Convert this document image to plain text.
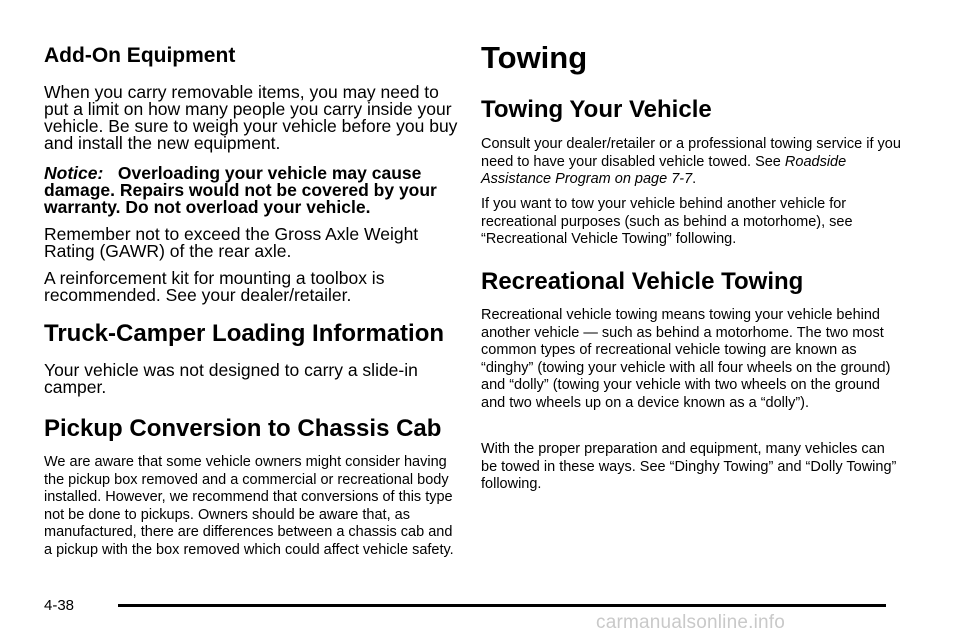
Add-On Equipment

When you carry removable items, you may need to put a limit on how many people you carry inside your vehicle. Be sure to weigh your vehicle before you buy and install the new equipment.

Notice: Overloading your vehicle may cause damage. Repairs would not be covered by your warranty. Do not overload your vehicle.

Remember not to exceed the Gross Axle Weight Rating (GAWR) of the rear axle.

A reinforcement kit for mounting a toolbox is recommended. See your dealer/retailer.

Truck-Camper Loading Information

Your vehicle was not designed to carry a slide-in camper.

Pickup Conversion to Chassis Cab

We are aware that some vehicle owners might consider having the pickup box removed and a commercial or recreational body installed. However, we recommend that conversions of this type not be done to pickups. Owners should be aware that, as manufactured, there are differences between a chassis cab and a pickup with the box removed which could affect vehicle safety.

Towing
Towing Your Vehicle

Consult your dealer/retailer or a professional towing service if you need to have your disabled vehicle towed. See Roadside Assistance Program on page 7-7.

If you want to tow your vehicle behind another vehicle for recreational purposes (such as behind a motorhome), see “Recreational Vehicle Towing” following.

Recreational Vehicle Towing

Recreational vehicle towing means towing your vehicle behind another vehicle — such as behind a motorhome. The two most common types of recreational vehicle towing are known as “dinghy” (towing your vehicle with all four wheels on the ground) and “dolly” (towing your vehicle with two wheels on the ground and two wheels up on a device known as a “dolly”).

With the proper preparation and equipment, many vehicles can be towed in these ways. See “Dinghy Towing” and “Dolly Towing” following.

4-38
carmanualsonline.info
